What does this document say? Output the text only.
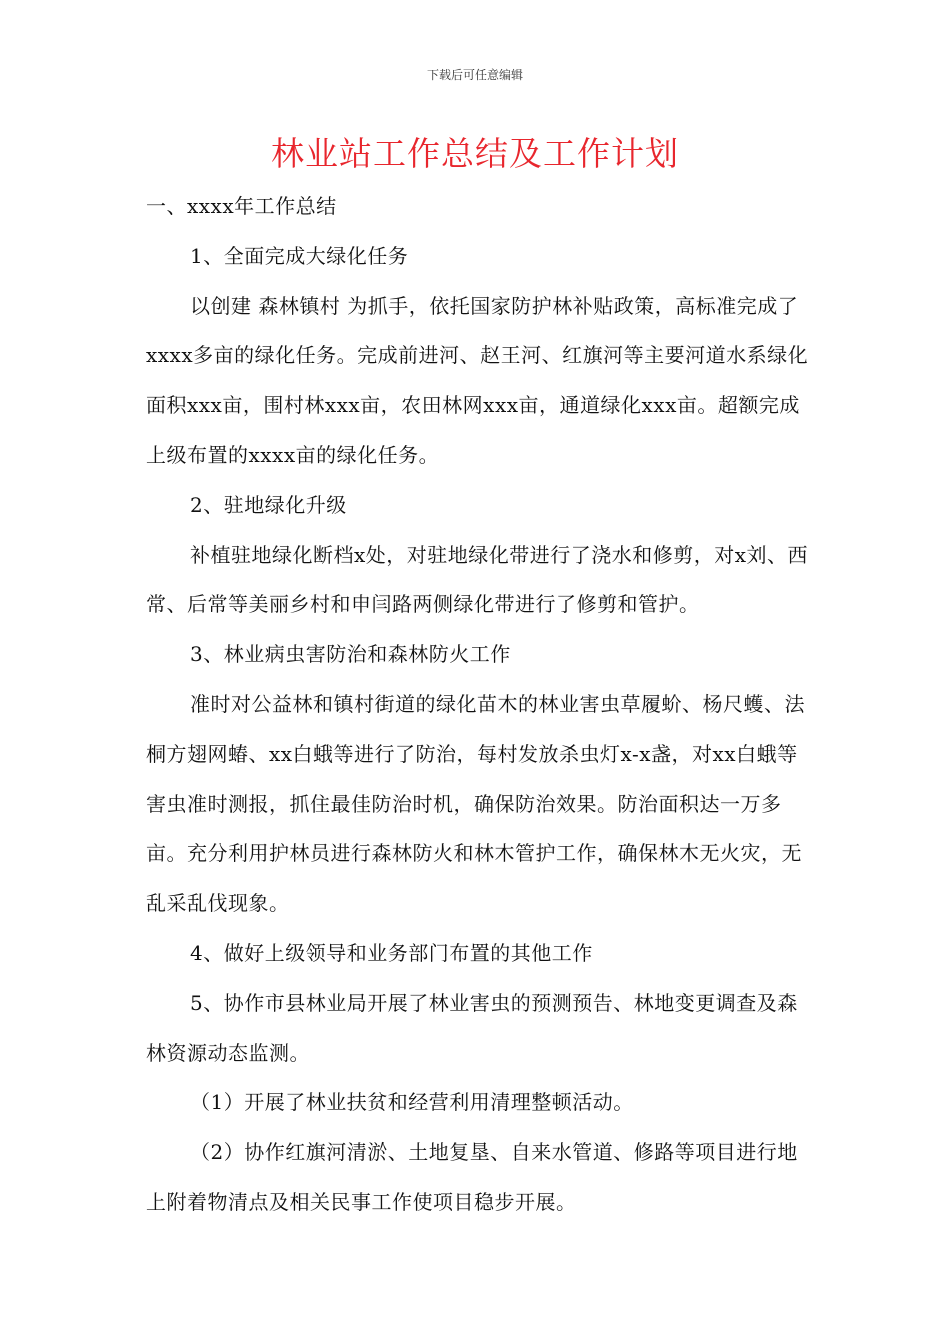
下载后可任意编辑
林业站工作总结及工作计划

一、xxxx年工作总结

1、全面完成大绿化任务

以创建 森林镇村 为抓手，依托国家防护林补贴政策，高标准完成了xxxx多亩的绿化任务。完成前进河、赵王河、红旗河等主要河道水系绿化面积xxx亩，围村林xxx亩，农田林网xxx亩，通道绿化xxx亩。超额完成上级布置的xxxx亩的绿化任务。

2、驻地绿化升级

补植驻地绿化断档x处，对驻地绿化带进行了浇水和修剪，对x刘、西常、后常等美丽乡村和申闫路两侧绿化带进行了修剪和管护。

3、林业病虫害防治和森林防火工作

准时对公益林和镇村街道的绿化苗木的林业害虫草履蚧、杨尺蠖、法桐方翅网蝽、xx白蛾等进行了防治，每村发放杀虫灯x-x盏，对xx白蛾等害虫准时测报，抓住最佳防治时机，确保防治效果。防治面积达一万多亩。充分利用护林员进行森林防火和林木管护工作，确保林木无火灾，无乱采乱伐现象。

4、做好上级领导和业务部门布置的其他工作

5、协作市县林业局开展了林业害虫的预测预告、林地变更调查及森林资源动态监测。

（1）开展了林业扶贫和经营利用清理整顿活动。

（2）协作红旗河清淤、土地复垦、自来水管道、修路等项目进行地上附着物清点及相关民事工作使项目稳步开展。
